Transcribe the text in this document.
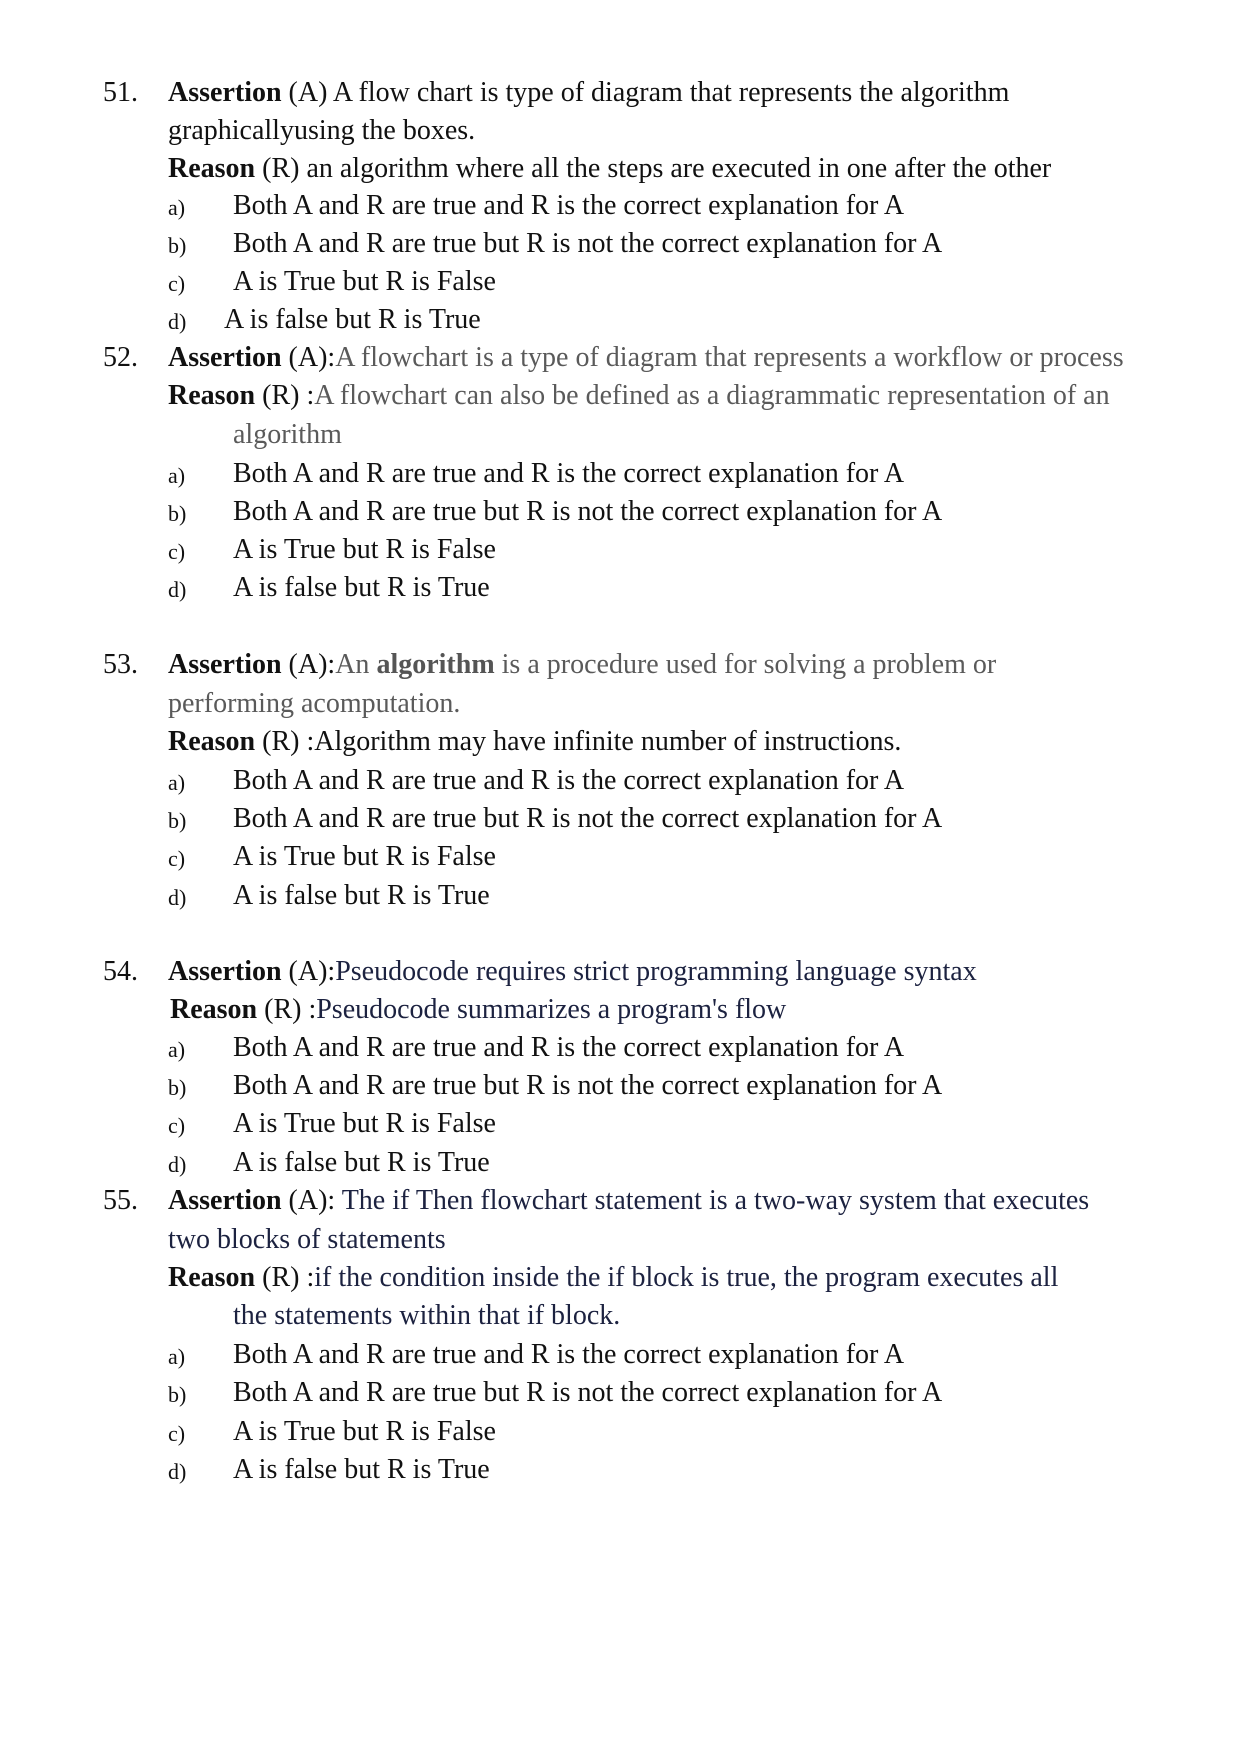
51. Assertion (A) A flow chart is type of diagram that represents the algorithm
graphicallyusing the boxes.
Reason (R) an algorithm where all the steps are executed in one after the other
a) Both A and R are true and R is the correct explanation for A
b) Both A and R are true but R is not the correct explanation for A
c) A is True but R is False
d) A is false but R is True
52. Assertion (A):A flowchart is a type of diagram that represents a workflow or process
Reason (R) :A flowchart can also be defined as a diagrammatic representation of an
algorithm
a) Both A and R are true and R is the correct explanation for A
b) Both A and R are true but R is not the correct explanation for A
c) A is True but R is False
d) A is false but R is True
53. Assertion (A):An algorithm is a procedure used for solving a problem or
performing acomputation.
Reason (R) :Algorithm may have infinite number of instructions.
a) Both A and R are true and R is the correct explanation for A
b) Both A and R are true but R is not the correct explanation for A
c) A is True but R is False
d) A is false but R is True
54. Assertion (A):Pseudocode requires strict programming language syntax
Reason (R) :Pseudocode summarizes a program's flow
a) Both A and R are true and R is the correct explanation for A
b) Both A and R are true but R is not the correct explanation for A
c) A is True but R is False
d) A is false but R is True
55. Assertion (A): The if Then flowchart statement is a two-way system that executes
two blocks of statements
Reason (R) :if the condition inside the if block is true, the program executes all
the statements within that if block.
a) Both A and R are true and R is the correct explanation for A
b) Both A and R are true but R is not the correct explanation for A
c) A is True but R is False
d) A is false but R is True
